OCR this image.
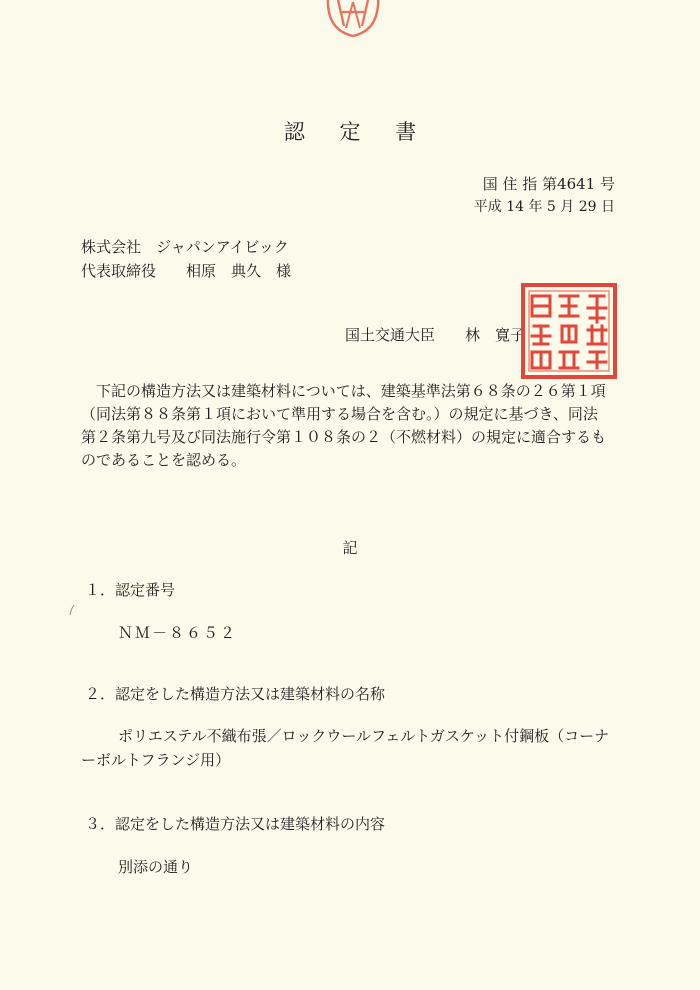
認 定 書
国 住 指 第4641 号
平成 14 年 5 月 29 日
株式会社　ジャパンアイビック
代表取締役　　相原　典久　様
国土交通大臣　　林　寛子
　下記の構造方法又は建築材料については、建築基準法第６８条の２６第１項
（同法第８８条第１項において準用する場合を含む。）の規定に基づき、同法
第２条第九号及び同法施行令第１０８条の２（不燃材料）の規定に適合するも
のであることを認める。
記
１．認定番号
ＮＭ－８６５２
２．認定をした構造方法又は建築材料の名称
ポリエステル不織布張／ロックウールフェルトガスケット付鋼板（コーナ
ーボルトフランジ用）
３．認定をした構造方法又は建築材料の内容
別添の通り
